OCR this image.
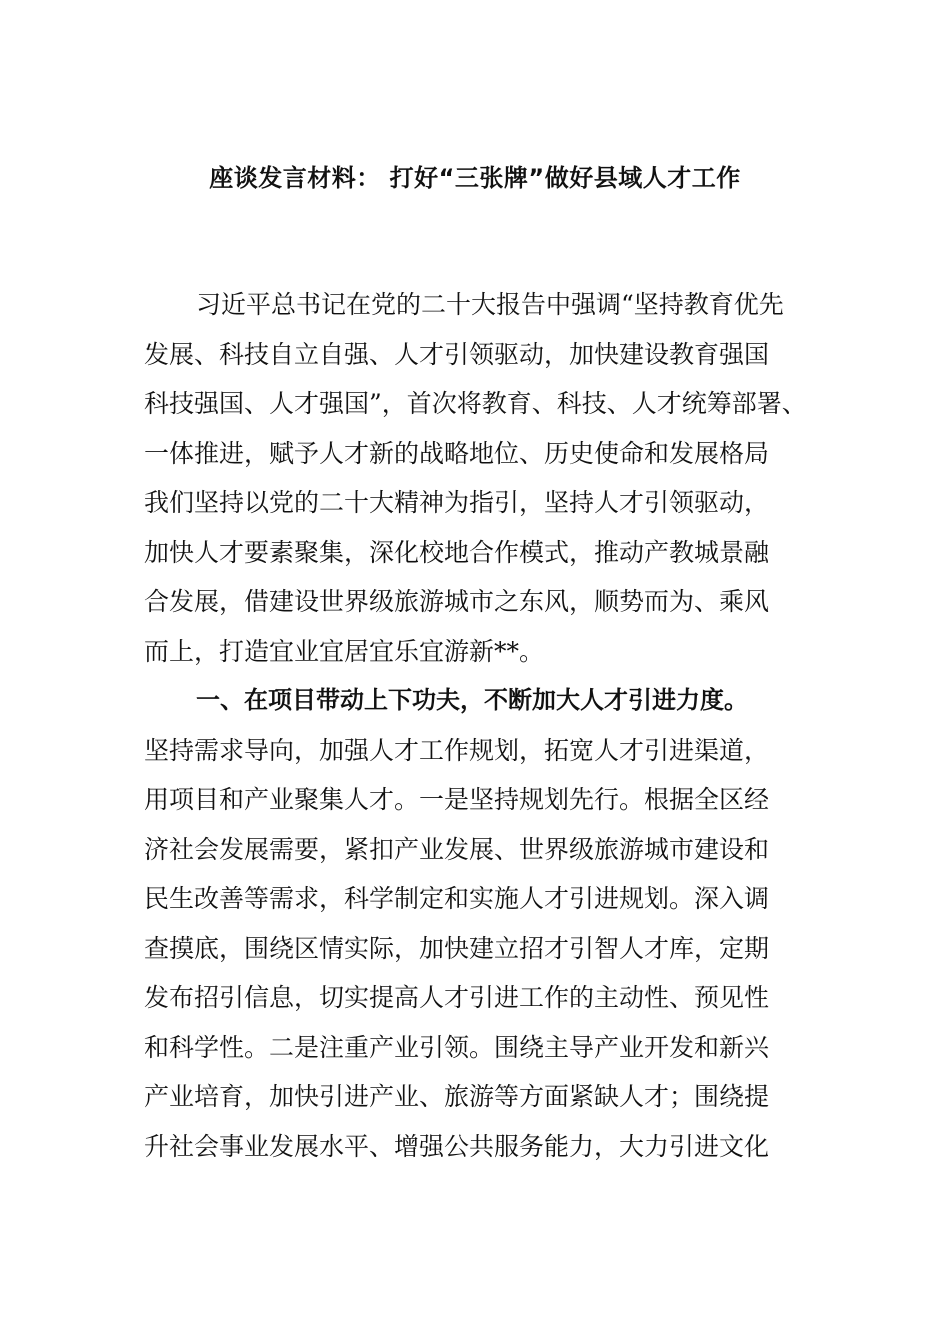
座谈发言材料： 打好“三张牌”做好县域人才工作
习近平总书记在党的二十大报告中强调“坚持教育优先
发展、科技自立自强、人才引领驱动，加快建设教育强国
科技强国、人才强国”，首次将教育、科技、人才统筹部署、
一体推进，赋予人才新的战略地位、历史使命和发展格局
我们坚持以党的二十大精神为指引，坚持人才引领驱动，
加快人才要素聚集，深化校地合作模式，推动产教城景融
合发展，借建设世界级旅游城市之东风，顺势而为、乘风
而上，打造宜业宜居宜乐宜游新**。
一、在项目带动上下功夫，不断加大人才引进力度。
坚持需求导向，加强人才工作规划，拓宽人才引进渠道，
用项目和产业聚集人才。一是坚持规划先行。根据全区经
济社会发展需要，紧扣产业发展、世界级旅游城市建设和
民生改善等需求，科学制定和实施人才引进规划。深入调
查摸底，围绕区情实际，加快建立招才引智人才库，定期
发布招引信息，切实提高人才引进工作的主动性、预见性
和科学性。二是注重产业引领。围绕主导产业开发和新兴
产业培育，加快引进产业、旅游等方面紧缺人才；围绕提
升社会事业发展水平、增强公共服务能力，大力引进文化
